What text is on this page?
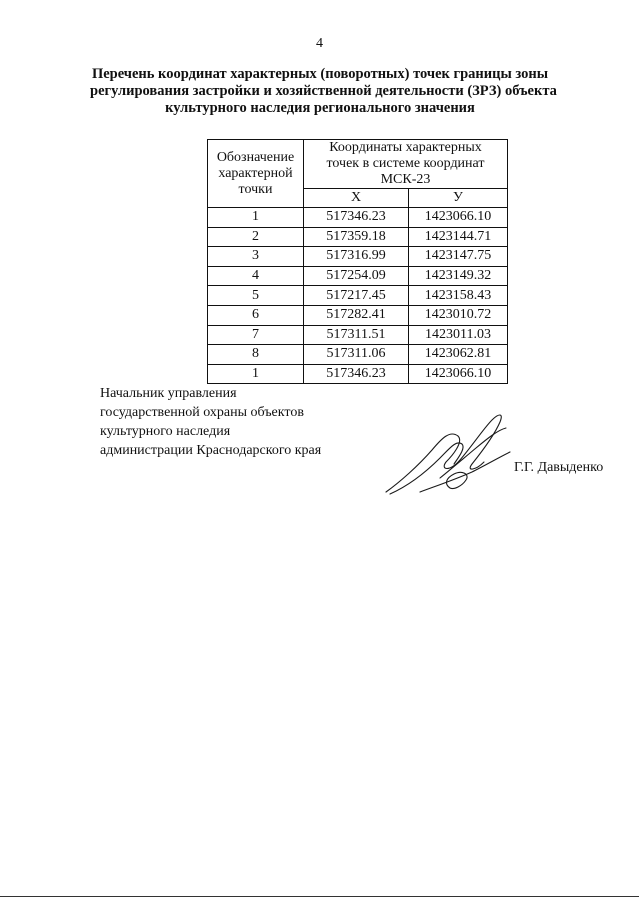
4
Перечень координат характерных (поворотных) точек границы зоны
регулирования застройки и хозяйственной деятельности (ЗРЗ) объекта
культурного наследия регионального значения
Обозначение
характерной
точки	Координаты характерных
точек в системе координат
МСК-23	

	X	У
1	517346.23	1423066.10
2	517359.18	1423144.71
3	517316.99	1423147.75
4	517254.09	1423149.32
5	517217.45	1423158.43
6	517282.41	1423010.72
7	517311.51	1423011.03
8	517311.06	1423062.81
1	517346.23	1423066.10
Начальник управления
государственной охраны объектов
культурного наследия
администрации Краснодарского края
Г.Г. Давыденко
